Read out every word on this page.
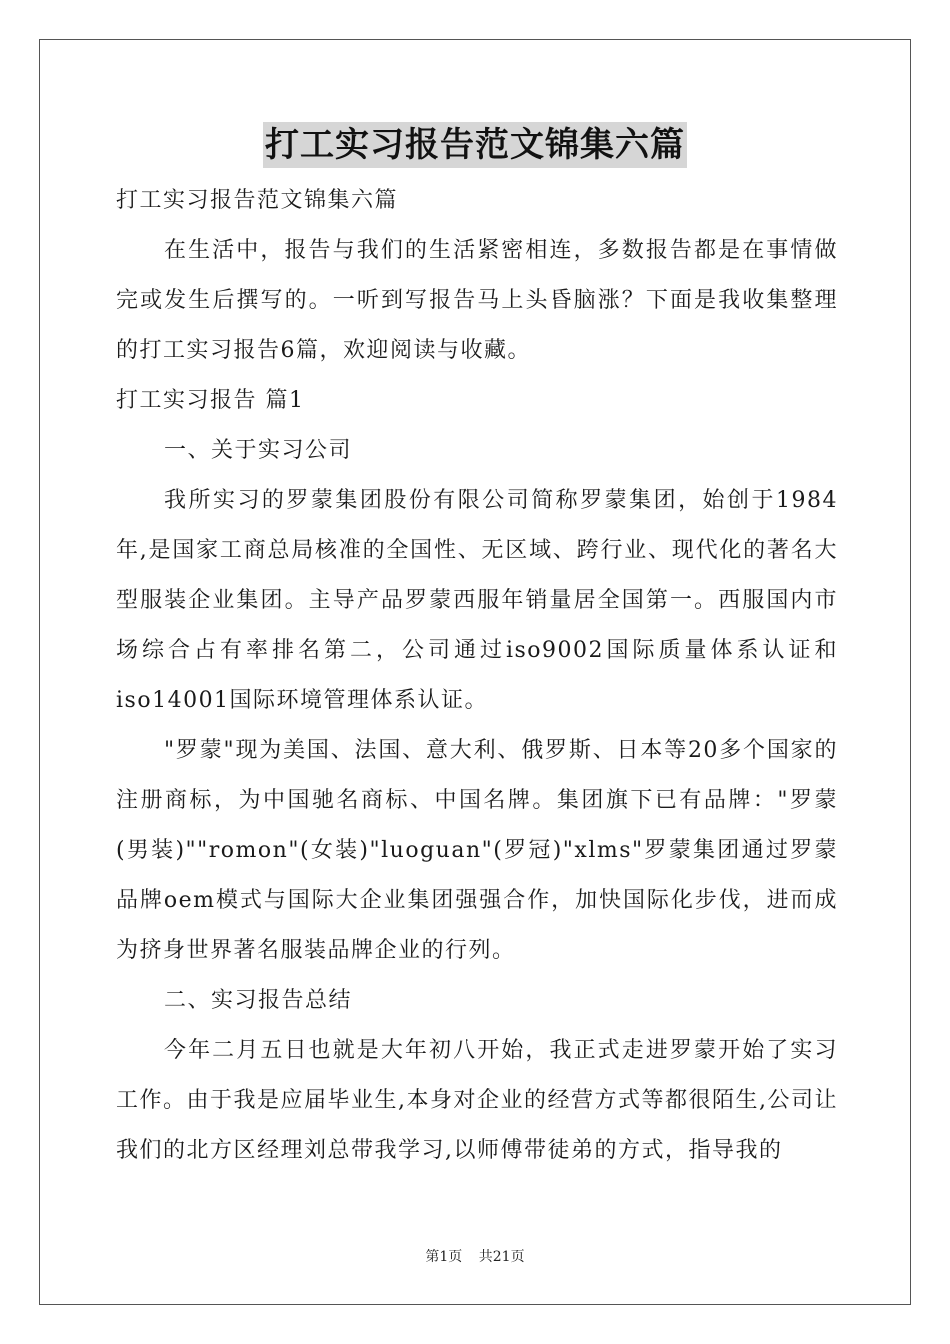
打工实习报告范文锦集六篇
打工实习报告范文锦集六篇

在生活中，报告与我们的生活紧密相连，多数报告都是在事情做完或发生后撰写的。一听到写报告马上头昏脑涨？下面是我收集整理的打工实习报告6篇，欢迎阅读与收藏。

打工实习报告 篇1
一、关于实习公司

我所实习的罗蒙集团股份有限公司简称罗蒙集团，始创于1984年,是国家工商总局核准的全国性、无区域、跨行业、现代化的著名大型服装企业集团。主导产品罗蒙西服年销量居全国第一。西服国内市场综合占有率排名第二，公司通过iso9002国际质量体系认证和iso14001国际环境管理体系认证。

"罗蒙"现为美国、法国、意大利、俄罗斯、日本等20多个国家的注册商标，为中国驰名商标、中国名牌。集团旗下已有品牌："罗蒙(男装)""romon"(女装)"luoguan"(罗冠)"xlms"罗蒙集团通过罗蒙品牌oem模式与国际大企业集团强强合作，加快国际化步伐，进而成为挤身世界著名服装品牌企业的行列。

二、实习报告总结

今年二月五日也就是大年初八开始，我正式走进罗蒙开始了实习工作。由于我是应届毕业生,本身对企业的经营方式等都很陌生,公司让我们的北方区经理刘总带我学习,以师傅带徒弟的方式，指导我的

第1页 共21页
